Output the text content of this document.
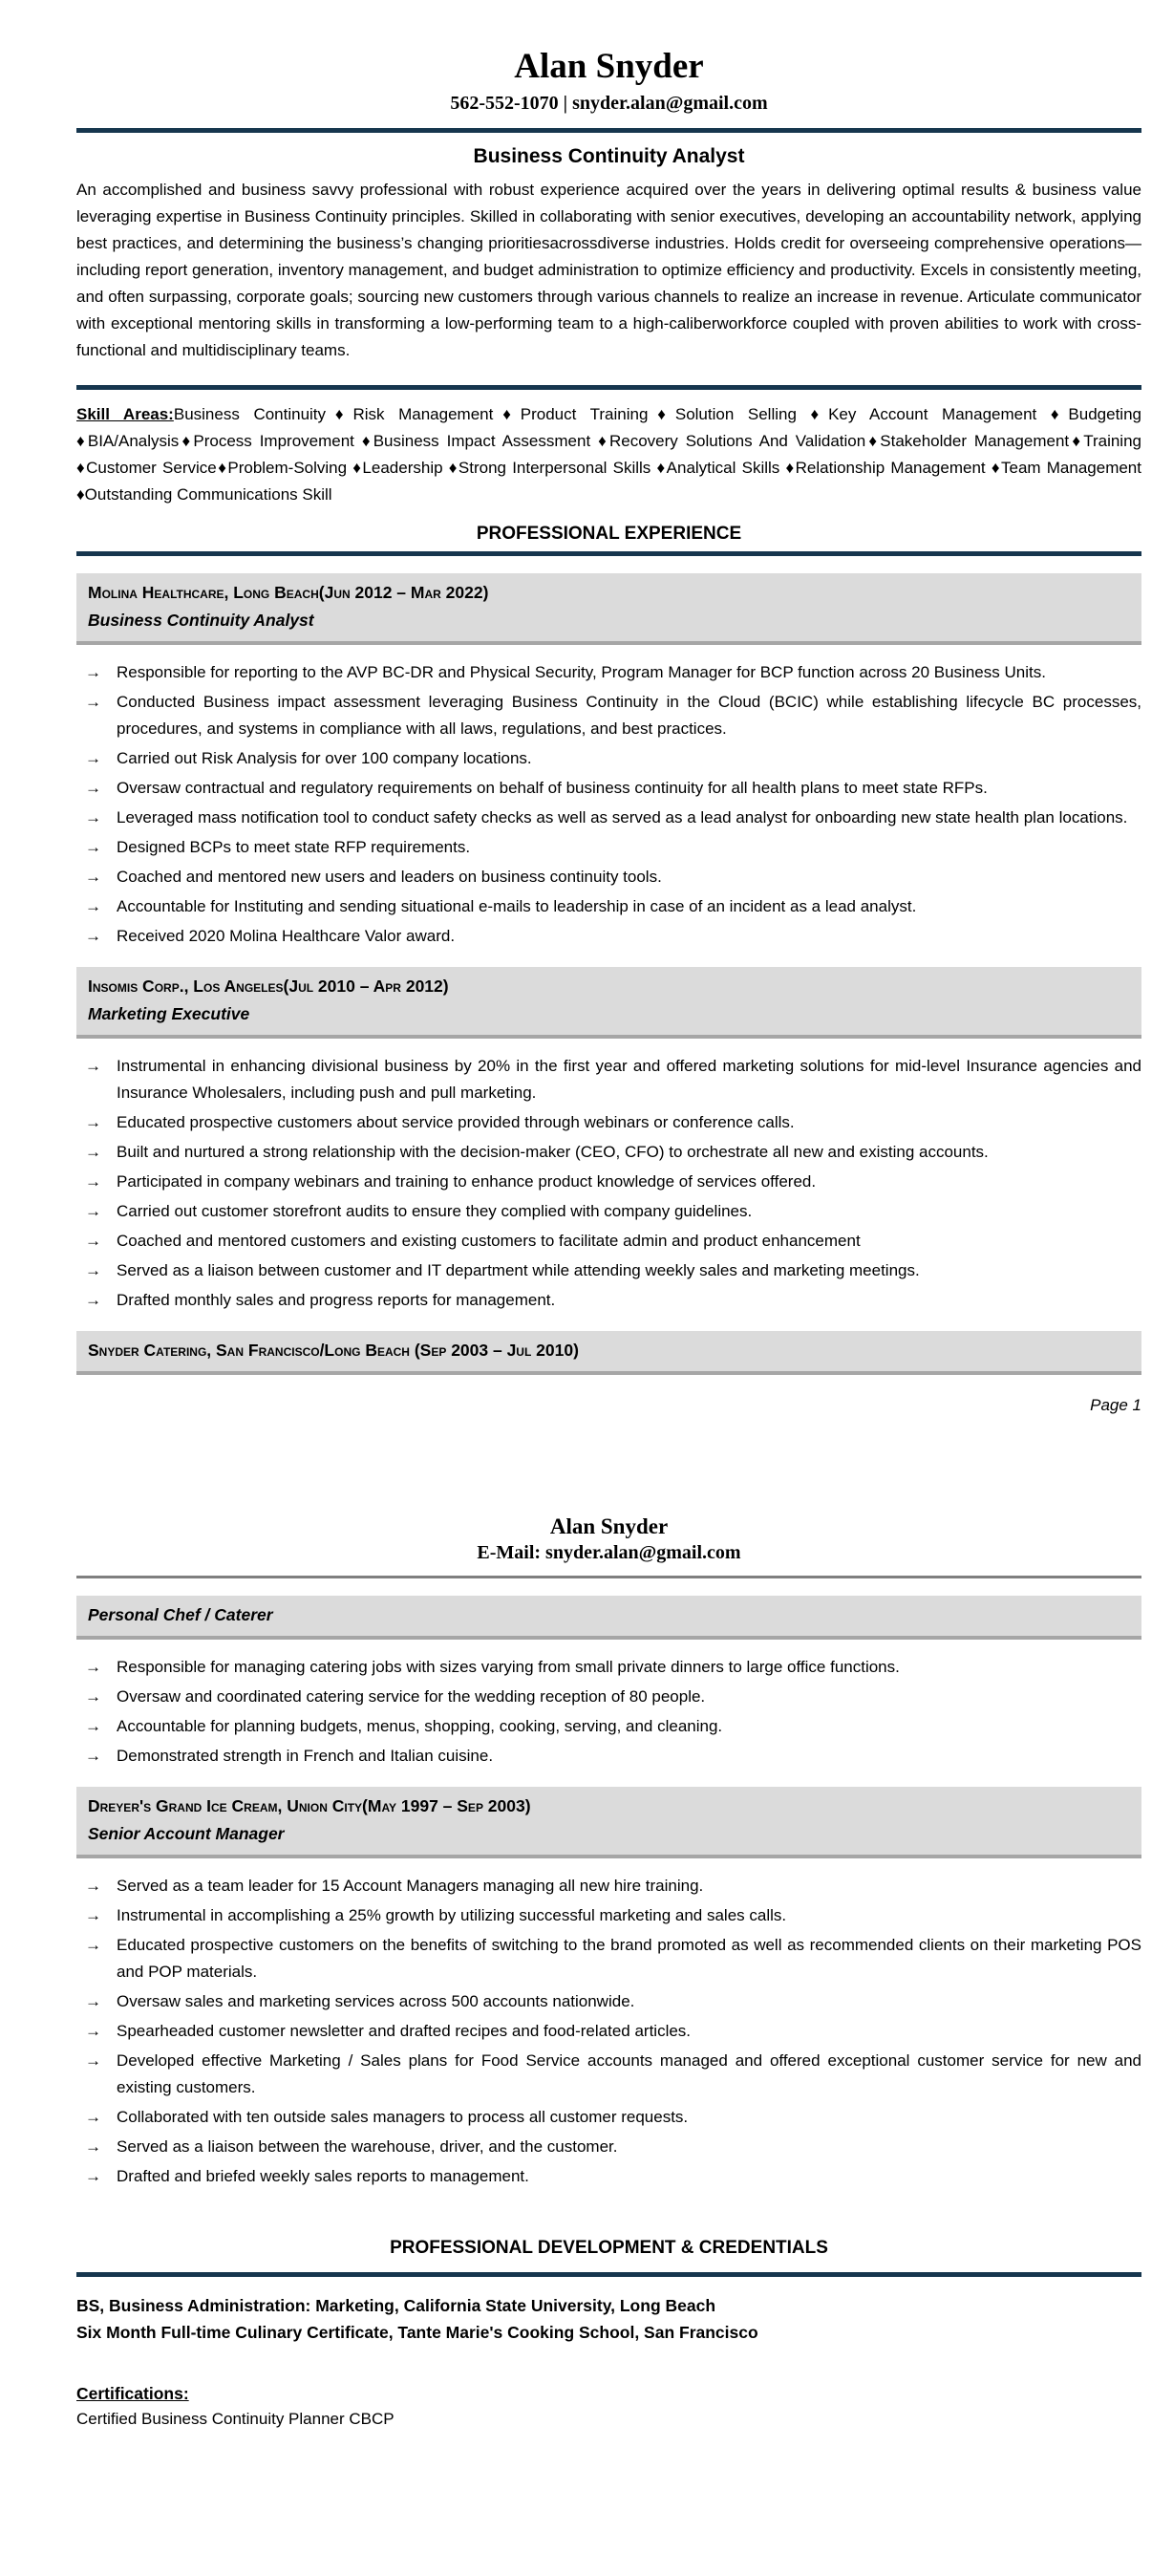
Alan Snyder
562-552-1070 | snyder.alan@gmail.com
Business Continuity Analyst
An accomplished and business savvy professional with robust experience acquired over the years in delivering optimal results & business value leveraging expertise in Business Continuity principles. Skilled in collaborating with senior executives, developing an accountability network, applying best practices, and determining the business’s changing prioritiesacrossdiverse industries. Holds credit for overseeing comprehensive operations—including report generation, inventory management, and budget administration to optimize efficiency and productivity. Excels in consistently meeting, and often surpassing, corporate goals; sourcing new customers through various channels to realize an increase in revenue. Articulate communicator with exceptional mentoring skills in transforming a low-performing team to a high-caliberworkforce coupled with proven abilities to work with cross-functional and multidisciplinary teams.
Skill Areas:Business Continuity♦Risk Management♦Product Training♦Solution Selling ♦Key Account Management ♦Budgeting ♦BIA/Analysis♦Process Improvement ♦Business Impact Assessment ♦Recovery Solutions And Validation♦Stakeholder Management♦Training ♦Customer Service♦Problem-Solving ♦Leadership ♦Strong Interpersonal Skills ♦Analytical Skills ♦Relationship Management ♦Team Management ♦Outstanding Communications Skill
PROFESSIONAL EXPERIENCE
Molina Healthcare, Long Beach(Jun 2012 – Mar 2022)
Business Continuity Analyst
→ Responsible for reporting to the AVP BC-DR and Physical Security, Program Manager for BCP function across 20 Business Units.
→ Conducted Business impact assessment leveraging Business Continuity in the Cloud (BCIC) while establishing lifecycle BC processes, procedures, and systems in compliance with all laws, regulations, and best practices.
→ Carried out Risk Analysis for over 100 company locations.
→ Oversaw contractual and regulatory requirements on behalf of business continuity for all health plans to meet state RFPs.
→ Leveraged mass notification tool to conduct safety checks as well as served as a lead analyst for onboarding new state health plan locations.
→ Designed BCPs to meet state RFP requirements.
→ Coached and mentored new users and leaders on business continuity tools.
→ Accountable for Instituting and sending situational e-mails to leadership in case of an incident as a lead analyst.
→ Received 2020 Molina Healthcare Valor award.
Insomis Corp., Los Angeles(Jul 2010 – Apr 2012)
Marketing Executive
→ Instrumental in enhancing divisional business by 20% in the first year and offered marketing solutions for mid-level Insurance agencies and Insurance Wholesalers, including push and pull marketing.
→ Educated prospective customers about service provided through webinars or conference calls.
→ Built and nurtured a strong relationship with the decision-maker (CEO, CFO) to orchestrate all new and existing accounts.
→ Participated in company webinars and training to enhance product knowledge of services offered.
→ Carried out customer storefront audits to ensure they complied with company guidelines.
→ Coached and mentored customers and existing customers to facilitate admin and product enhancement
→ Served as a liaison between customer and IT department while attending weekly sales and marketing meetings.
→ Drafted monthly sales and progress reports for management.
Snyder Catering, San Francisco/Long Beach (Sep 2003 – Jul 2010)
Page 1
Alan Snyder
E-Mail: snyder.alan@gmail.com
Personal Chef / Caterer
→ Responsible for managing catering jobs with sizes varying from small private dinners to large office functions.
→ Oversaw and coordinated catering service for the wedding reception of 80 people.
→ Accountable for planning budgets, menus, shopping, cooking, serving, and cleaning.
→ Demonstrated strength in French and Italian cuisine.
Dreyer's Grand Ice Cream, Union City(May 1997 – Sep 2003)
Senior Account Manager
→ Served as a team leader for 15 Account Managers managing all new hire training.
→ Instrumental in accomplishing a 25% growth by utilizing successful marketing and sales calls.
→ Educated prospective customers on the benefits of switching to the brand promoted as well as recommended clients on their marketing POS and POP materials.
→ Oversaw sales and marketing services across 500 accounts nationwide.
→ Spearheaded customer newsletter and drafted recipes and food-related articles.
→ Developed effective Marketing / Sales plans for Food Service accounts managed and offered exceptional customer service for new and existing customers.
→ Collaborated with ten outside sales managers to process all customer requests.
→ Served as a liaison between the warehouse, driver, and the customer.
→ Drafted and briefed weekly sales reports to management.
PROFESSIONAL DEVELOPMENT & CREDENTIALS
BS, Business Administration: Marketing, California State University, Long Beach
Six Month Full-time Culinary Certificate, Tante Marie's Cooking School, San Francisco
Certifications:
Certified Business Continuity Planner CBCP
